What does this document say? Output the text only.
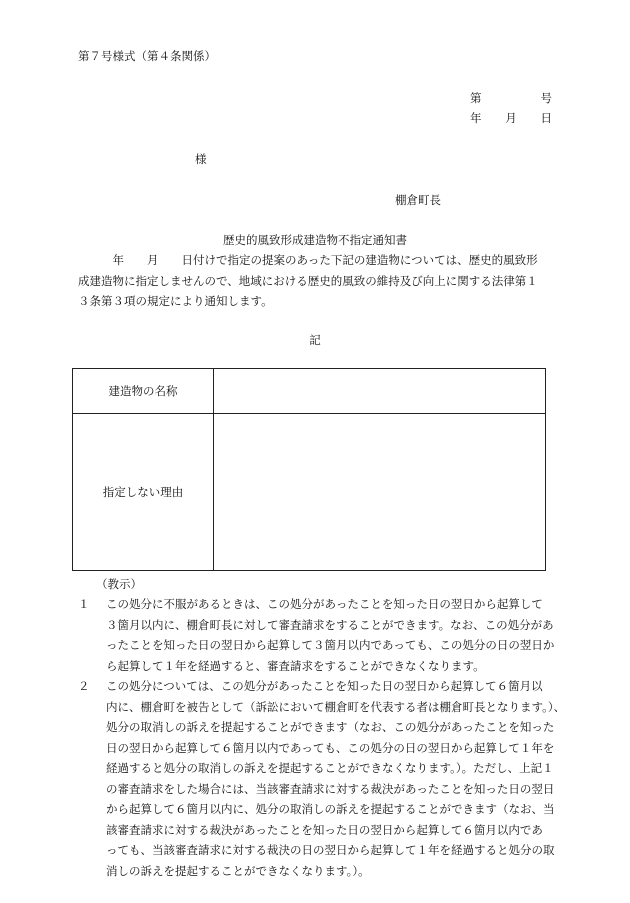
第７号様式（第４条関係）
第	号
年 月 日
様
棚倉町長
歴史的風致形成建造物不指定通知書
　　　年　　月　　日付けで指定の提案のあった下記の建造物については、歴史的風致形
成建造物に指定しませんので、地域における歴史的風致の維持及び向上に関する法律第１
３条第３項の規定により通知します。
記
建造物の名称	
指定しない理由	
（教示）
１ この処分に不服があるときは、この処分があったことを知った日の翌日から起算して
３箇月以内に、棚倉町長に対して審査請求をすることができます。なお、この処分があ
ったことを知った日の翌日から起算して３箇月以内であっても、この処分の日の翌日か
ら起算して１年を経過すると、審査請求をすることができなくなります。
２ この処分については、この処分があったことを知った日の翌日から起算して６箇月以
内に、棚倉町を被告として（訴訟において棚倉町を代表する者は棚倉町長となります。）、
処分の取消しの訴えを提起することができます（なお、この処分があったことを知った
日の翌日から起算して６箇月以内であっても、この処分の日の翌日から起算して１年を
経過すると処分の取消しの訴えを提起することができなくなります。）。ただし、上記１
の審査請求をした場合には、当該審査請求に対する裁決があったことを知った日の翌日
から起算して６箇月以内に、処分の取消しの訴えを提起することができます（なお、当
該審査請求に対する裁決があったことを知った日の翌日から起算して６箇月以内であ
っても、当該審査請求に対する裁決の日の翌日から起算して１年を経過すると処分の取
消しの訴えを提起することができなくなります。）。
